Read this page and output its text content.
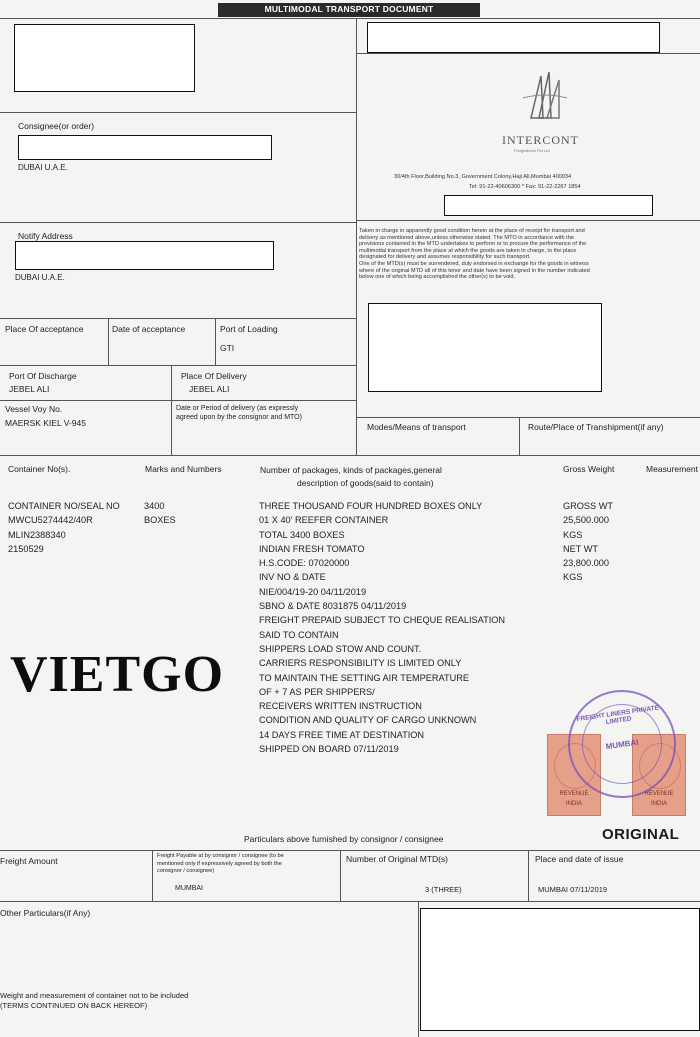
MULTIMODAL TRANSPORT DOCUMENT
INTERCONT
Freightliners Pvt Ltd
30/4th Floor,Building No.3, Government Colony,Haji Ali,Mumbai 400034
Tel: 91-22-40606300 * Fax: 91-22-2267 1854
Consignee(or order)
DUBAI U.A.E.
Notify Address
DUBAI U.A.E.
Taken in charge in apparently good condition herein at the place of receipt for transport and
delivery as mentioned above,unless otherwise stated. The MTO in accordance with the
provisions contained in the MTD undertakes to perform or to procure the performance of the
multimodal transport from the place at which the goods are taken in charge, to the place
designated for delivery and assumes responsibility for such transport.
One of the MTD(s) must be surrendered, duly endorsed in exchange for the goods in witness
where of the original MTD all of this tenor and date have been signed in the number indicated
below one of which being accomplished the other(s) to be void.
Place Of acceptance	Date of acceptance	Port of Loading
GTI
Port Of Discharge
JEBEL ALI
Place Of Delivery
JEBEL ALI
Vessel Voy No.
MAERSK KIEL V-945
Date or Period of delivery (as expressly
agreed upon by the consignor and MTO)
Modes/Means of transport	Route/Place of Transhipment(if any)
Container No(s).	Marks and Numbers	Number of packages, kinds of packages,general
description of goods(said to contain)
Gross Weight	Measurement
VIETGO
CONTAINER NO/SEAL NO
MWCU5274442/40R
MLIN2388340
2150529
3400
BOXES
THREE THOUSAND FOUR HUNDRED BOXES ONLY
01 X 40' REEFER CONTAINER
TOTAL 3400 BOXES
INDIAN FRESH TOMATO
H.S.CODE: 07020000
INV NO & DATE
NIE/004/19-20 04/11/2019
SBNO & DATE 8031875 04/11/2019
FREIGHT PREPAID SUBJECT TO CHEQUE REALISATION
SAID TO CONTAIN
SHIPPERS LOAD STOW AND COUNT.
CARRIERS RESPONSIBILITY IS LIMITED ONLY
TO MAINTAIN THE SETTING AIR TEMPERATURE
OF + 7 AS PER SHIPPERS/
RECEIVERS WRITTEN INSTRUCTION
CONDITION AND QUALITY OF CARGO UNKNOWN
14 DAYS FREE TIME AT DESTINATION
SHIPPED ON BOARD 07/11/2019
GROSS WT
25,500.000
KGS
NET WT
23,800.000
KGS
REVENUE
INDIA
REVENUE
INDIA
FREIGHT LINERS PRIVATE LIMITED
MUMBAI
Particulars above furnished by consignor / consignee	ORIGINAL
Freight Amount	Freight Payable at by consignor / consignee (to be
mentioned only if expressively agreed by both the
consignor / consignee)
MUMBAI
Number of Original MTD(s)
3 (THREE)
Place and date of issue
MUMBAI 07/11/2019
Other Particulars(if Any)
Weight and measurement of container not to be included
(TERMS CONTINUED ON BACK HEREOF)
